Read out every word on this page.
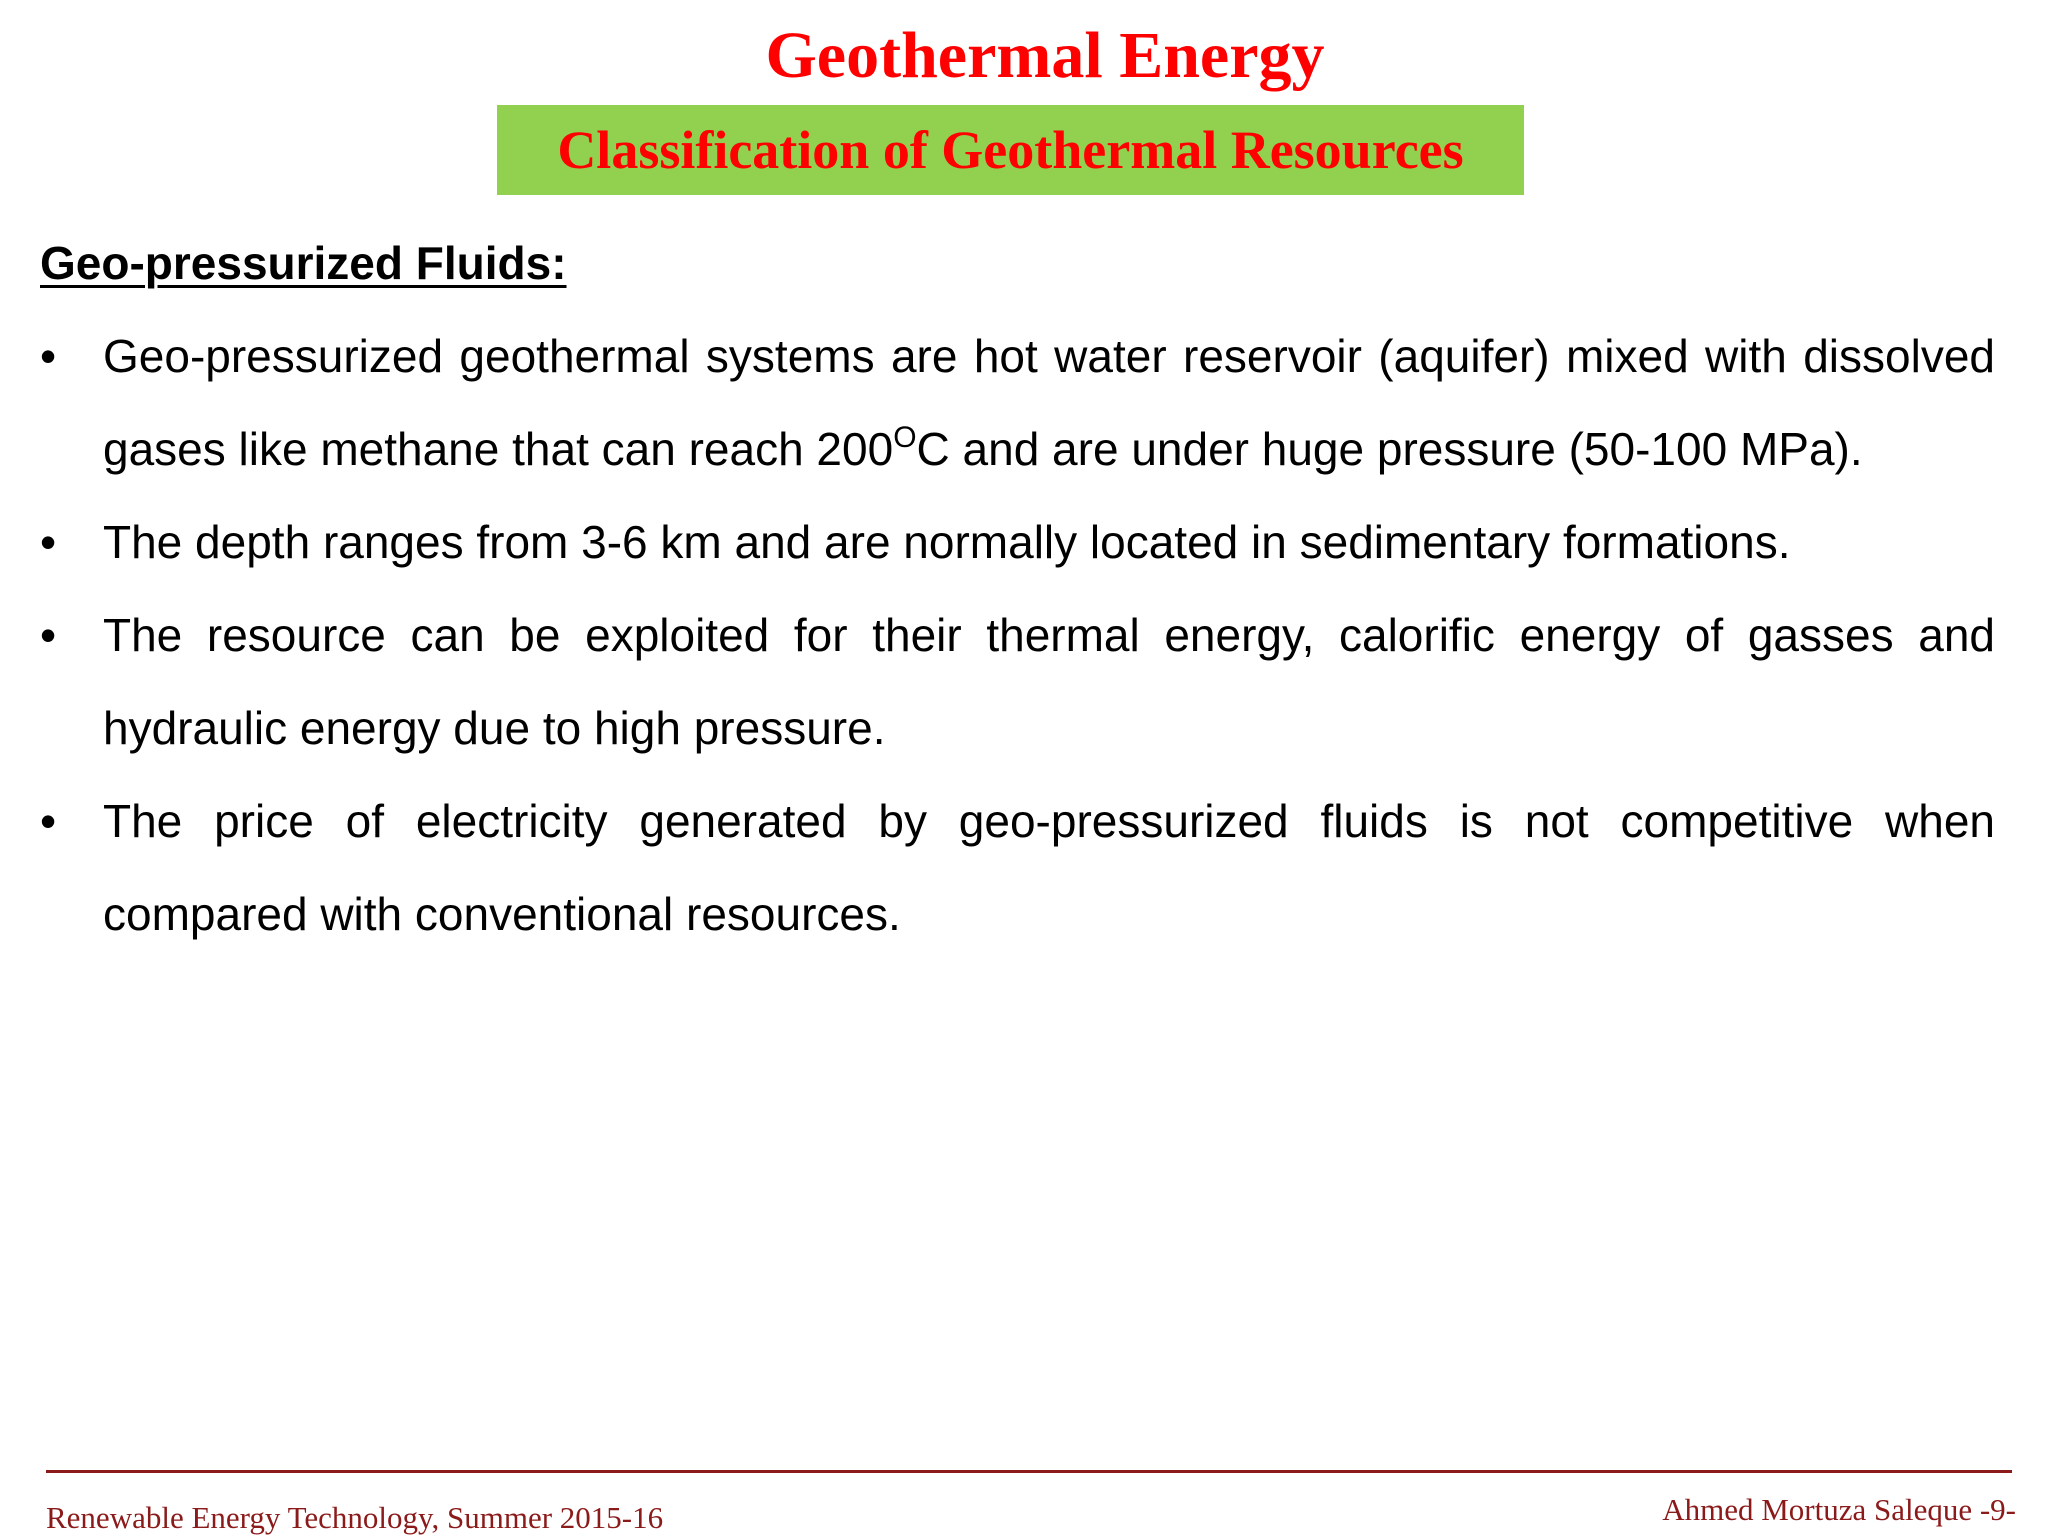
Geothermal Energy
Classification of Geothermal Resources
Geo-pressurized Fluids:
•	Geo-pressurized geothermal systems are hot water reservoir (aquifer) mixed with dissolved gases like methane that can reach $200^OC$ and are under huge pressure (50-100 MPa).
•	The depth ranges from 3-6 km and are normally located in sedimentary formations.
•	The resource can be exploited for their thermal energy, calorific energy of gasses and hydraulic energy due to high pressure.
•	The price of electricity generated by geo-pressurized fluids is not competitive when compared with conventional resources.
Renewable Energy Technology, Summer 2015-16	Ahmed Mortuza Saleque -9-
